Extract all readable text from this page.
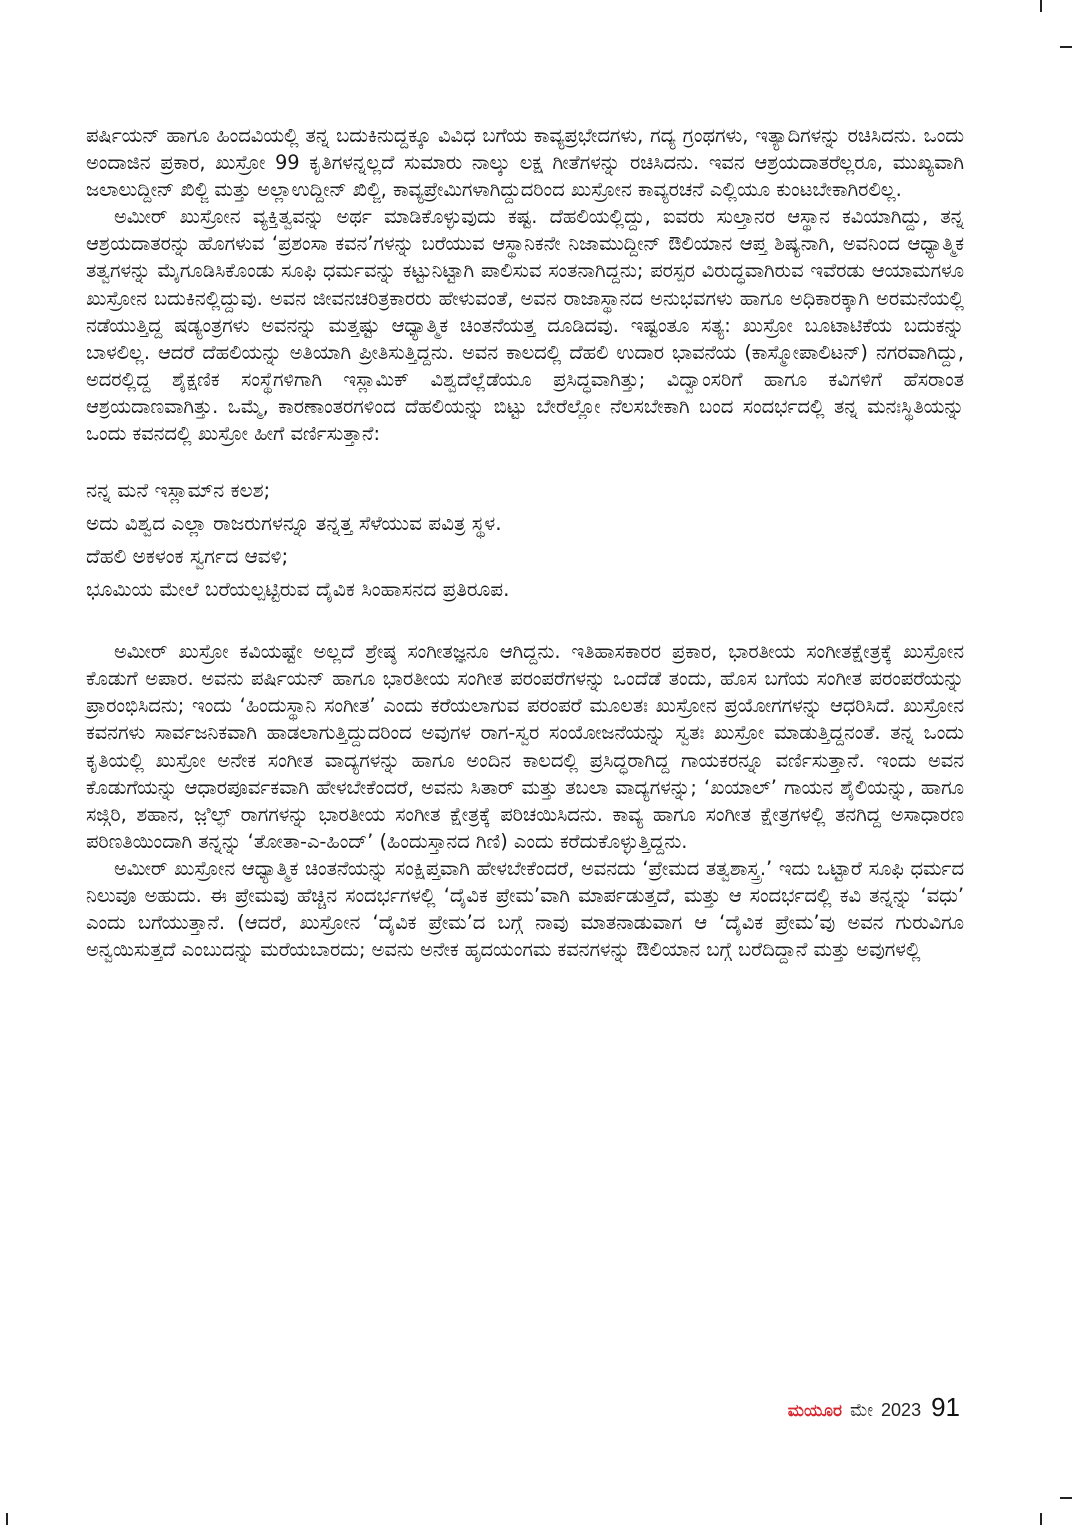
ಪರ್ಷಿಯನ್ ಹಾಗೂ ಹಿಂದವಿಯಲ್ಲಿ ತನ್ನ ಬದುಕಿನುದ್ದಕ್ಕೂ ವಿವಿಧ ಬಗೆಯ ಕಾವ್ಯಪ್ರಭೇದಗಳು, ಗದ್ಯ ಗ್ರಂಥಗಳು, ಇತ್ಯಾದಿಗಳನ್ನು ರಚಿಸಿದನು. ಒಂದು ಅಂದಾಜಿನ ಪ್ರಕಾರ, ಖುಸ್ರೋ 99 ಕೃತಿಗಳನ್ನಲ್ಲದೆ ಸುಮಾರು ನಾಲ್ಕು ಲಕ್ಷ ಗೀತೆಗಳನ್ನು ರಚಿಸಿದನು. ಇವನ ಆಶ್ರಯದಾತರೆಲ್ಲರೂ, ಮುಖ್ಯವಾಗಿ ಜಲಾಲುದ್ದೀನ್ ಖಿಲ್ಜಿ ಮತ್ತು ಅಲ್ಲಾಉದ್ದೀನ್ ಖಿಲ್ಜಿ, ಕಾವ್ಯಪ್ರೇಮಿಗಳಾಗಿದ್ದುದರಿಂದ ಖುಸ್ರೋನ ಕಾವ್ಯರಚನೆ ಎಲ್ಲಿಯೂ ಕುಂಟಬೇಕಾಗಿರಲಿಲ್ಲ.

ಅಮೀರ್ ಖುಸ್ರೋನ ವ್ಯಕ್ತಿತ್ವವನ್ನು ಅರ್ಥ ಮಾಡಿಕೊಳ್ಳುವುದು ಕಷ್ಟ. ದೆಹಲಿಯಲ್ಲಿದ್ದು, ಐವರು ಸುಲ್ತಾನರ ಆಸ್ಥಾನ ಕವಿಯಾಗಿದ್ದು, ತನ್ನ ಆಶ್ರಯದಾತರನ್ನು ಹೊಗಳುವ ‘ಪ್ರಶಂಸಾ ಕವನ’ಗಳನ್ನು ಬರೆಯುವ ಆಸ್ಥಾನಿಕನೇ ನಿಜಾಮುದ್ದೀನ್ ಔಲಿಯಾನ ಆಪ್ತ ಶಿಷ್ಯನಾಗಿ, ಅವನಿಂದ ಆಧ್ಯಾತ್ಮಿಕ ತತ್ವಗಳನ್ನು ಮೈಗೂಡಿಸಿಕೊಂಡು ಸೂಫಿ ಧರ್ಮವನ್ನು ಕಟ್ಟುನಿಟ್ಟಾಗಿ ಪಾಲಿಸುವ ಸಂತನಾಗಿದ್ದನು; ಪರಸ್ಪರ ವಿರುದ್ಧವಾಗಿರುವ ಇವೆರಡು ಆಯಾಮಗಳೂ ಖುಸ್ರೋನ ಬದುಕಿನಲ್ಲಿದ್ದುವು. ಅವನ ಜೀವನಚರಿತ್ರಕಾರರು ಹೇಳುವಂತೆ, ಅವನ ರಾಜಾಸ್ಥಾನದ ಅನುಭವಗಳು ಹಾಗೂ ಅಧಿಕಾರಕ್ಕಾಗಿ ಅರಮನೆಯಲ್ಲಿ ನಡೆಯುತ್ತಿದ್ದ ಷಡ್ಯಂತ್ರಗಳು ಅವನನ್ನು ಮತ್ತಷ್ಟು ಆಧ್ಯಾತ್ಮಿಕ ಚಿಂತನೆಯತ್ತ ದೂಡಿದವು. ಇಷ್ಟಂತೂ ಸತ್ಯ: ಖುಸ್ರೋ ಬೂಟಾಟಿಕೆಯ ಬದುಕನ್ನು ಬಾಳಲಿಲ್ಲ. ಆದರೆ ದೆಹಲಿಯನ್ನು ಅತಿಯಾಗಿ ಪ್ರೀತಿಸುತ್ತಿದ್ದನು. ಅವನ ಕಾಲದಲ್ಲಿ ದೆಹಲಿ ಉದಾರ ಭಾವನೆಯ (ಕಾಸ್ಮೋಪಾಲಿಟನ್) ನಗರವಾಗಿದ್ದು, ಅದರಲ್ಲಿದ್ದ ಶೈಕ್ಷಣಿಕ ಸಂಸ್ಥೆಗಳಿಗಾಗಿ ಇಸ್ಲಾಮಿಕ್ ವಿಶ್ವದೆಲ್ಲೆಡೆಯೂ ಪ್ರಸಿದ್ಧವಾಗಿತ್ತು; ವಿದ್ವಾಂಸರಿಗೆ ಹಾಗೂ ಕವಿಗಳಿಗೆ ಹೆಸರಾಂತ ಆಶ್ರಯದಾಣವಾಗಿತ್ತು. ಒಮ್ಮೆ, ಕಾರಣಾಂತರಗಳಿಂದ ದೆಹಲಿಯನ್ನು ಬಿಟ್ಟು ಬೇರೆಲ್ಲೋ ನೆಲಸಬೇಕಾಗಿ ಬಂದ ಸಂದರ್ಭದಲ್ಲಿ ತನ್ನ ಮನಃಸ್ಥಿತಿಯನ್ನು ಒಂದು ಕವನದಲ್ಲಿ ಖುಸ್ರೋ ಹೀಗೆ ವರ್ಣಿಸುತ್ತಾನೆ:

ನನ್ನ ಮನೆ ಇಸ್ಲಾಮ್‌ನ ಕಲಶ;
ಅದು ವಿಶ್ವದ ಎಲ್ಲಾ ರಾಜರುಗಳನ್ನೂ ತನ್ನತ್ತ ಸೆಳೆಯುವ ಪವಿತ್ರ ಸ್ಥಳ.
ದೆಹಲಿ ಅಕಳಂಕ ಸ್ವರ್ಗದ ಆವಳಿ;
ಭೂಮಿಯ ಮೇಲೆ ಬರೆಯಲ್ಪಟ್ಟಿರುವ ದೈವಿಕ ಸಿಂಹಾಸನದ ಪ್ರತಿರೂಪ.

ಅಮೀರ್ ಖುಸ್ರೋ ಕವಿಯಷ್ಟೇ ಅಲ್ಲದೆ ಶ್ರೇಷ್ಠ ಸಂಗೀತಜ್ಞನೂ ಆಗಿದ್ದನು. ಇತಿಹಾಸಕಾರರ ಪ್ರಕಾರ, ಭಾರತೀಯ ಸಂಗೀತಕ್ಷೇತ್ರಕ್ಕೆ ಖುಸ್ರೋನ ಕೊಡುಗೆ ಅಪಾರ. ಅವನು ಪರ್ಷಿಯನ್ ಹಾಗೂ ಭಾರತೀಯ ಸಂಗೀತ ಪರಂಪರೆಗಳನ್ನು ಒಂದೆಡೆ ತಂದು, ಹೊಸ ಬಗೆಯ ಸಂಗೀತ ಪರಂಪರೆಯನ್ನು ಪ್ರಾರಂಭಿಸಿದನು; ಇಂದು ‘ಹಿಂದುಸ್ಥಾನಿ ಸಂಗೀತ’ ಎಂದು ಕರೆಯಲಾಗುವ ಪರಂಪರೆ ಮೂಲತಃ ಖುಸ್ರೋನ ಪ್ರಯೋಗಗಳನ್ನು ಆಧರಿಸಿದೆ. ಖುಸ್ರೋನ ಕವನಗಳು ಸಾರ್ವಜನಿಕವಾಗಿ ಹಾಡಲಾಗುತ್ತಿದ್ದುದರಿಂದ ಅವುಗಳ ರಾಗ-ಸ್ವರ ಸಂಯೋಜನೆಯನ್ನು ಸ್ವತಃ ಖುಸ್ರೋ ಮಾಡುತ್ತಿದ್ದನಂತೆ. ತನ್ನ ಒಂದು ಕೃತಿಯಲ್ಲಿ ಖುಸ್ರೋ ಅನೇಕ ಸಂಗೀತ ವಾದ್ಯಗಳನ್ನು ಹಾಗೂ ಅಂದಿನ ಕಾಲದಲ್ಲಿ ಪ್ರಸಿದ್ಧರಾಗಿದ್ದ ಗಾಯಕರನ್ನೂ ವರ್ಣಿಸುತ್ತಾನೆ. ಇಂದು ಅವನ ಕೊಡುಗೆಯನ್ನು ಆಧಾರಪೂರ್ವಕವಾಗಿ ಹೇಳಬೇಕೆಂದರೆ, ಅವನು ಸಿತಾರ್ ಮತ್ತು ತಬಲಾ ವಾದ್ಯಗಳನ್ನು; ‘ಖಯಾಲ್’ ಗಾಯನ ಶೈಲಿಯನ್ನು, ಹಾಗೂ ಸಜ್ಗಿರಿ, ಶಹಾನ, ಜ಼ಿಲ್ಫ್ ರಾಗಗಳನ್ನು ಭಾರತೀಯ ಸಂಗೀತ ಕ್ಷೇತ್ರಕ್ಕೆ ಪರಿಚಯಿಸಿದನು. ಕಾವ್ಯ ಹಾಗೂ ಸಂಗೀತ ಕ್ಷೇತ್ರಗಳಲ್ಲಿ ತನಗಿದ್ದ ಅಸಾಧಾರಣ ಪರಿಣತಿಯಿಂದಾಗಿ ತನ್ನನ್ನು ‘ತೋತಾ-ಎ-ಹಿಂದ್’ (ಹಿಂದುಸ್ತಾನದ ಗಿಣಿ) ಎಂದು ಕರೆದುಕೊಳ್ಳುತ್ತಿದ್ದನು.

ಅಮೀರ್ ಖುಸ್ರೋನ ಆಧ್ಯಾತ್ಮಿಕ ಚಿಂತನೆಯನ್ನು ಸಂಕ್ಷಿಪ್ತವಾಗಿ ಹೇಳಬೇಕೆಂದರೆ, ಅವನದು ‘ಪ್ರೇಮದ ತತ್ವಶಾಸ್ತ್ರ.’ ಇದು ಒಟ್ಟಾರೆ ಸೂಫಿ ಧರ್ಮದ ನಿಲುವೂ ಅಹುದು. ಈ ಪ್ರೇಮವು ಹೆಚ್ಚಿನ ಸಂದರ್ಭಗಳಲ್ಲಿ ‘ದೈವಿಕ ಪ್ರೇಮ’ವಾಗಿ ಮಾರ್ಪಡುತ್ತದೆ, ಮತ್ತು ಆ ಸಂದರ್ಭದಲ್ಲಿ ಕವಿ ತನ್ನನ್ನು ‘ವಧು’ ಎಂದು ಬಗೆಯುತ್ತಾನೆ. (ಆದರೆ, ಖುಸ್ರೋನ ‘ದೈವಿಕ ಪ್ರೇಮ’ದ ಬಗ್ಗೆ ನಾವು ಮಾತನಾಡುವಾಗ ಆ ‘ದೈವಿಕ ಪ್ರೇಮ’ವು ಅವನ ಗುರುವಿಗೂ ಅನ್ವಯಿಸುತ್ತದೆ ಎಂಬುದನ್ನು ಮರೆಯಬಾರದು; ಅವನು ಅನೇಕ ಹೃದಯಂಗಮ ಕವನಗಳನ್ನು ಔಲಿಯಾನ ಬಗ್ಗೆ ಬರೆದಿದ್ದಾನೆ ಮತ್ತು ಅವುಗಳಲ್ಲಿ

ಮಯೂರ ಮೇ 2023 91
